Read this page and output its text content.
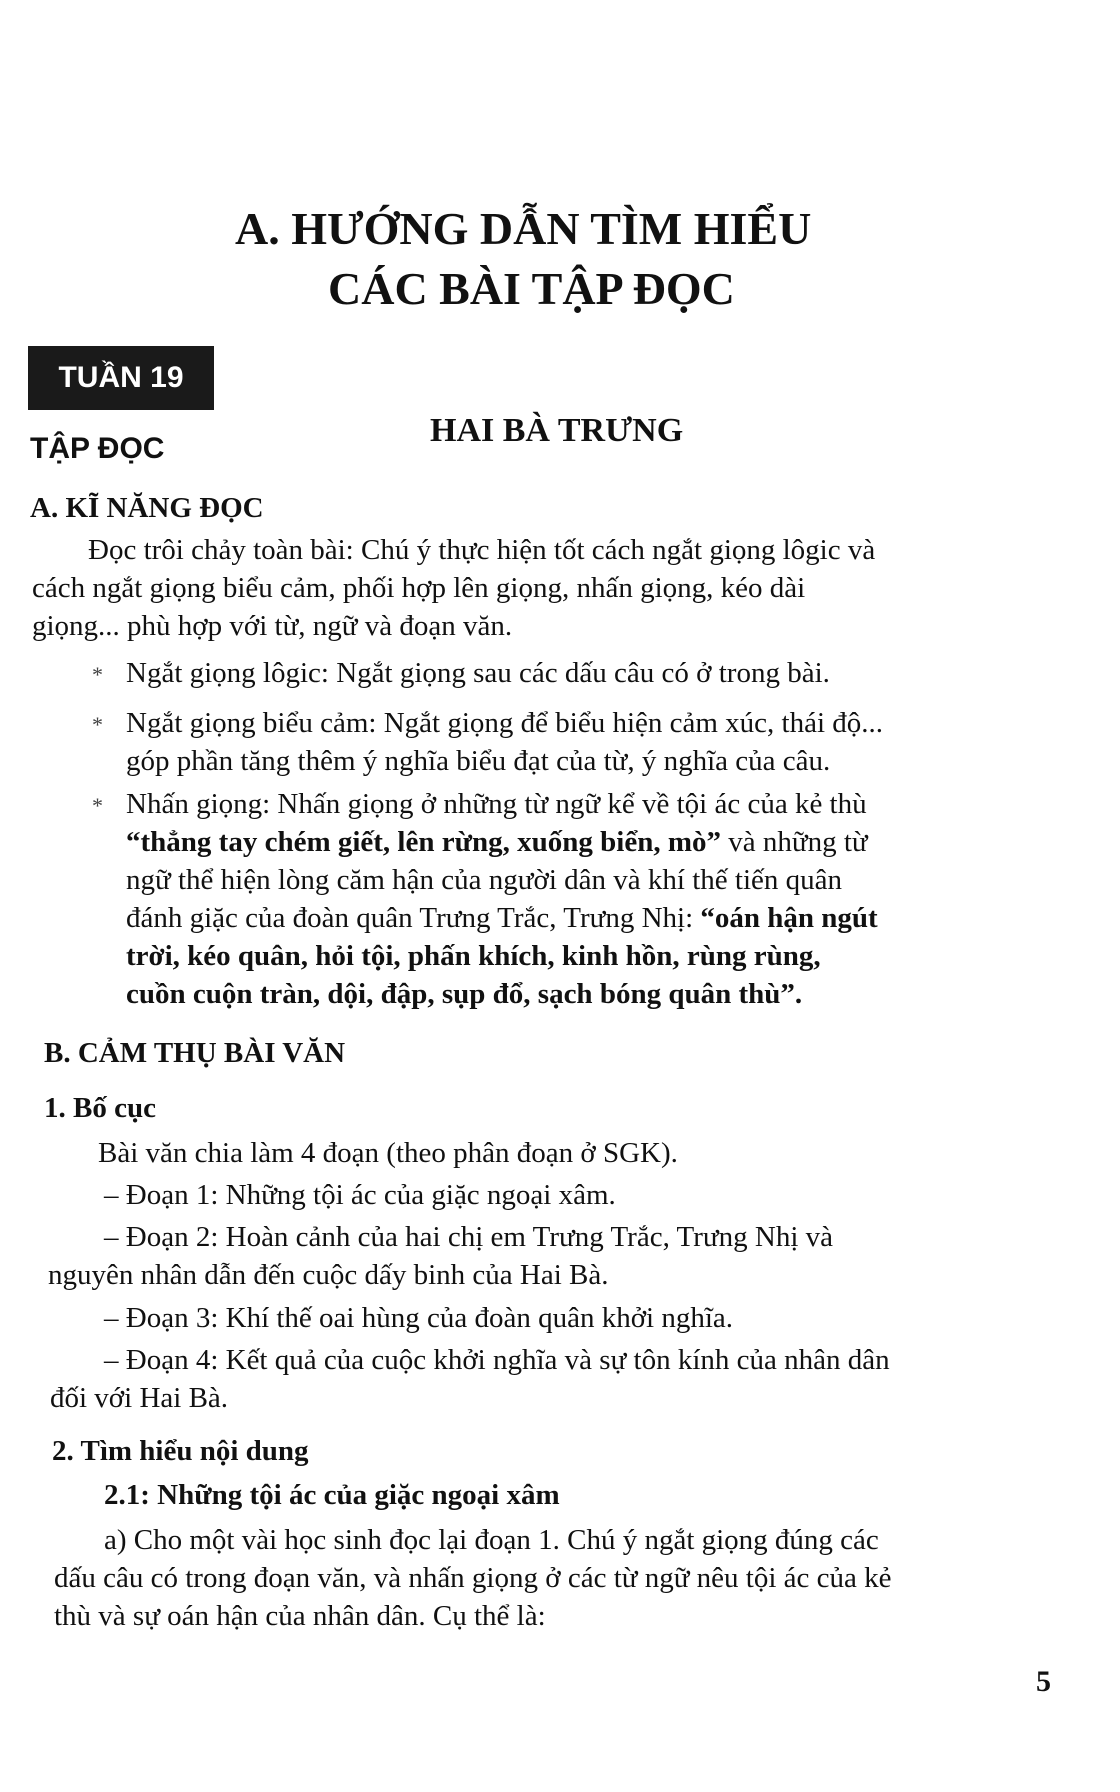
A. HƯỚNG DẪN TÌM HIỂU
CÁC BÀI TẬP ĐỌC
TUẦN 19
TẬP ĐỌC	HAI BÀ TRƯNG
A. KĨ NĂNG ĐỌC
Đọc trôi chảy toàn bài: Chú ý thực hiện tốt cách ngắt giọng lôgic và
cách ngắt giọng biểu cảm, phối hợp lên giọng, nhấn giọng, kéo dài
giọng... phù hợp với từ, ngữ và đoạn văn.
* Ngắt giọng lôgic: Ngắt giọng sau các dấu câu có ở trong bài.
* Ngắt giọng biểu cảm: Ngắt giọng để biểu hiện cảm xúc, thái độ...
góp phần tăng thêm ý nghĩa biểu đạt của từ, ý nghĩa của câu.
* Nhấn giọng: Nhấn giọng ở những từ ngữ kể về tội ác của kẻ thù
“thẳng tay chém giết, lên rừng, xuống biển, mò” và những từ
ngữ thể hiện lòng căm hận của người dân và khí thế tiến quân
đánh giặc của đoàn quân Trưng Trắc, Trưng Nhị: “oán hận ngút
trời, kéo quân, hỏi tội, phấn khích, kinh hồn, rùng rùng,
cuồn cuộn tràn, dội, đập, sụp đổ, sạch bóng quân thù”.
B. CẢM THỤ BÀI VĂN
1. Bố cục
Bài văn chia làm 4 đoạn (theo phân đoạn ở SGK).
– Đoạn 1: Những tội ác của giặc ngoại xâm.
– Đoạn 2: Hoàn cảnh của hai chị em Trưng Trắc, Trưng Nhị và
nguyên nhân dẫn đến cuộc dấy binh của Hai Bà.
– Đoạn 3: Khí thế oai hùng của đoàn quân khởi nghĩa.
– Đoạn 4: Kết quả của cuộc khởi nghĩa và sự tôn kính của nhân dân
đối với Hai Bà.
2. Tìm hiểu nội dung
2.1: Những tội ác của giặc ngoại xâm
a) Cho một vài học sinh đọc lại đoạn 1. Chú ý ngắt giọng đúng các
dấu câu có trong đoạn văn, và nhấn giọng ở các từ ngữ nêu tội ác của kẻ
thù và sự oán hận của nhân dân. Cụ thể là:
5
